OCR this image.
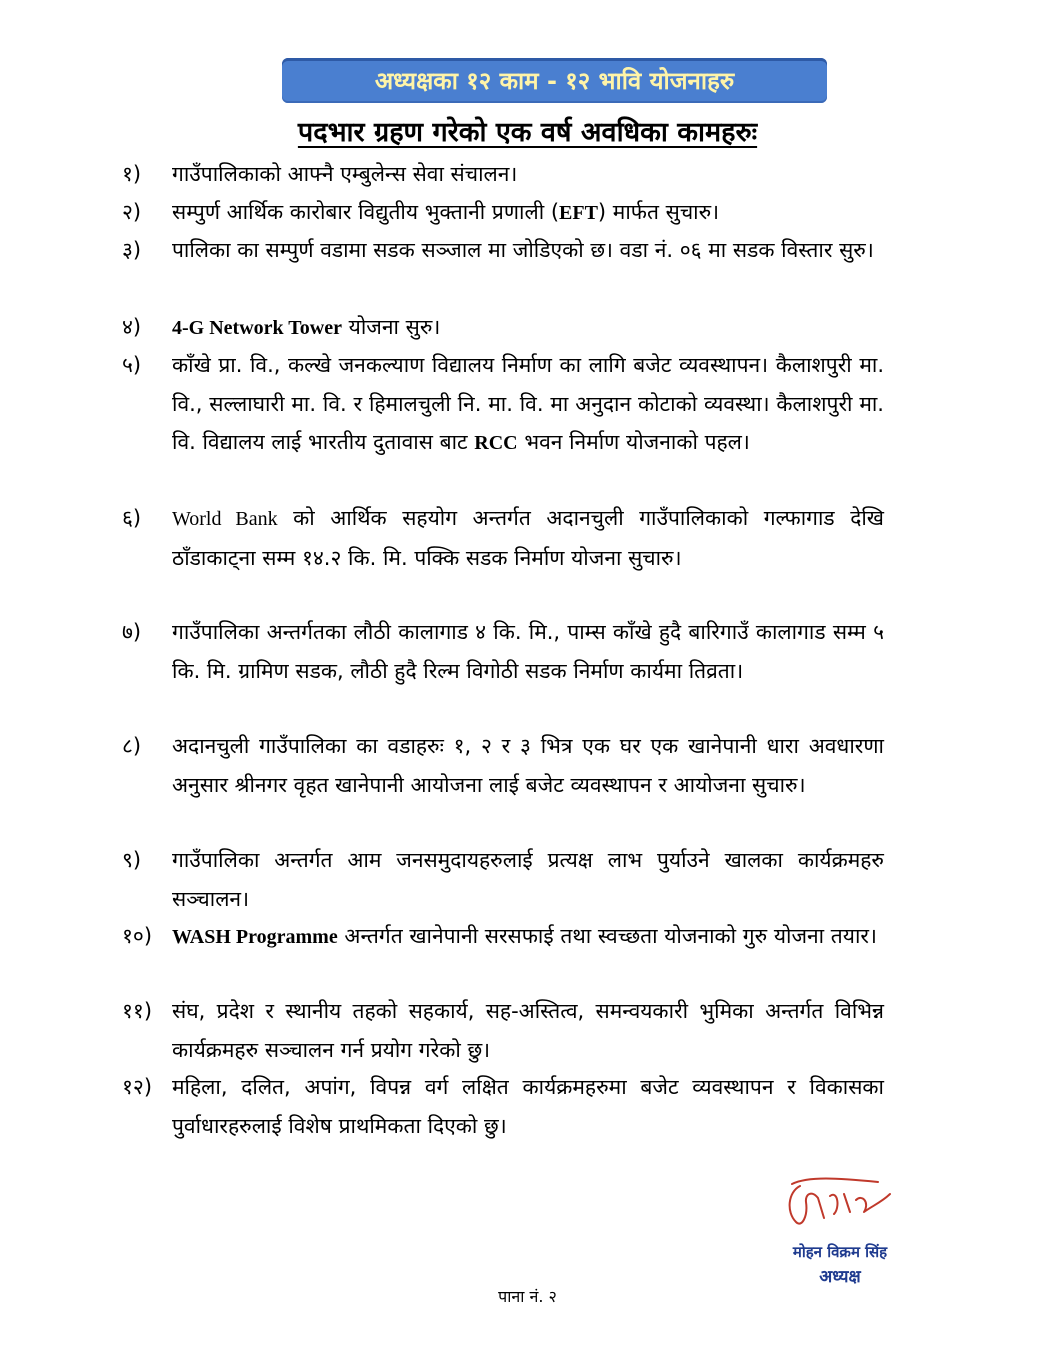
अध्यक्षका १२ काम - १२ भावि योजनाहरु
पदभार ग्रहण गरेको एक वर्ष अवधिका कामहरुः
१)	गाउँपालिकाको आफ्नै एम्बुलेन्स सेवा संचालन।
२)	सम्पुर्ण आर्थिक कारोबार विद्युतीय भुक्तानी प्रणाली (EFT) मार्फत सुचारु।
३)	पालिका का सम्पुर्ण वडामा सडक सञ्जाल मा जोडिएको छ। वडा नं. ०६ मा सडक विस्तार सुरु।
४)	4-G Network Tower योजना सुरु।
५)	काँखे प्रा. वि., कल्खे जनकल्याण विद्यालय निर्माण का लागि बजेट व्यवस्थापन। कैलाशपुरी मा. वि., सल्लाघारी मा. वि. र हिमालचुली नि. मा. वि. मा अनुदान कोटाको व्यवस्था। कैलाशपुरी मा. वि. विद्यालय लाई भारतीय दुतावास बाट RCC भवन निर्माण योजनाको पहल।
६)	World Bank को आर्थिक सहयोग अन्तर्गत अदानचुली गाउँपालिकाको गल्फागाड देखि ठाँडाकाट्ना सम्म १४.२ कि. मि. पक्कि सडक निर्माण योजना सुचारु।
७)	गाउँपालिका अन्तर्गतका लौठी कालागाड ४ कि. मि., पाम्स काँखे हुदै बारिगाउँ कालागाड सम्म ५ कि. मि. ग्रामिण सडक, लौठी हुदै रिल्म विगोठी सडक निर्माण कार्यमा तिव्रता।
८)	अदानचुली गाउँपालिका का वडाहरुः १, २ र ३ भित्र एक घर एक खानेपानी धारा अवधारणा अनुसार श्रीनगर वृहत खानेपानी आयोजना लाई बजेट व्यवस्थापन र आयोजना सुचारु।
९)	गाउँपालिका अन्तर्गत आम जनसमुदायहरुलाई प्रत्यक्ष लाभ पुर्याउने खालका कार्यक्रमहरु सञ्चालन।
१०) WASH Programme अन्तर्गत खानेपानी सरसफाई तथा स्वच्छता योजनाको गुरु योजना तयार।
११) संघ, प्रदेश र स्थानीय तहको सहकार्य, सह-अस्तित्व, समन्वयकारी भुमिका अन्तर्गत विभिन्न कार्यक्रमहरु सञ्चालन गर्न प्रयोग गरेको छु।
१२) महिला, दलित, अपांग, विपन्न वर्ग लक्षित कार्यक्रमहरुमा बजेट व्यवस्थापन र विकासका पुर्वाधारहरुलाई विशेष प्राथमिकता दिएको छु।
मोहन विक्रम सिंह
अध्यक्ष
पाना नं. २
